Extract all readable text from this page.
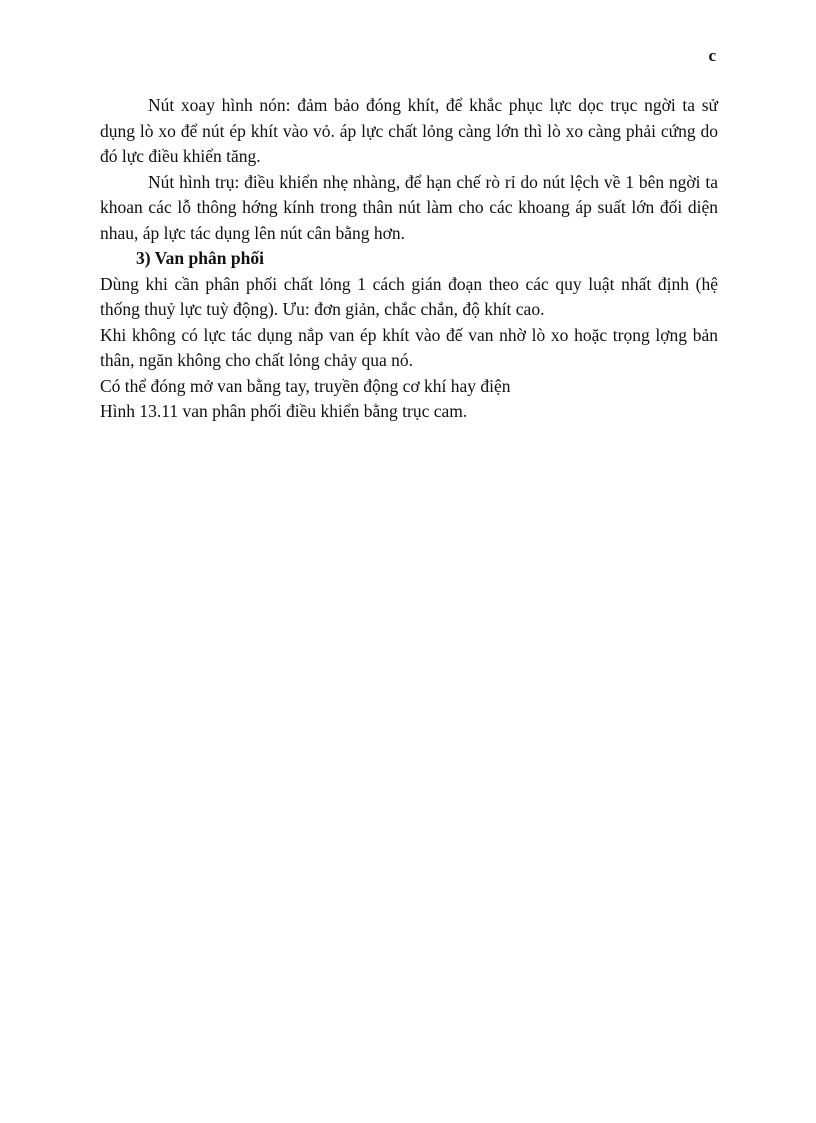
c

Nút xoay hình nón: đảm bảo đóng khít, để khắc phục lực dọc trục ngời ta sử dụng lò xo để nút ép khít vào vỏ. áp lực chất lỏng càng lớn thì lò xo càng phải cứng do đó lực điều khiển tăng.

Nút hình trụ: điều khiển nhẹ nhàng, để hạn chế rò rỉ do nút lệch về 1 bên ngời ta khoan các lỗ thông hớng kính trong thân nút làm cho các khoang áp suất lớn đối diện nhau, áp lực tác dụng lên nút cân bằng hơn.

3) Van phân phối

Dùng khi cần phân phối chất lỏng 1 cách gián đoạn theo các quy luật nhất định (hệ thống thuỷ lực tuỳ động). Ưu: đơn giản, chắc chắn, độ khít cao.

Khi không có lực tác dụng nắp van ép khít vào đế van nhờ lò xo hoặc trọng lợng bản thân, ngăn không cho chất lỏng chảy qua nó.

Có thể đóng mở van bằng tay, truyền động cơ khí hay điện

Hình 13.11 van phân phối điều khiển bằng trục cam.
